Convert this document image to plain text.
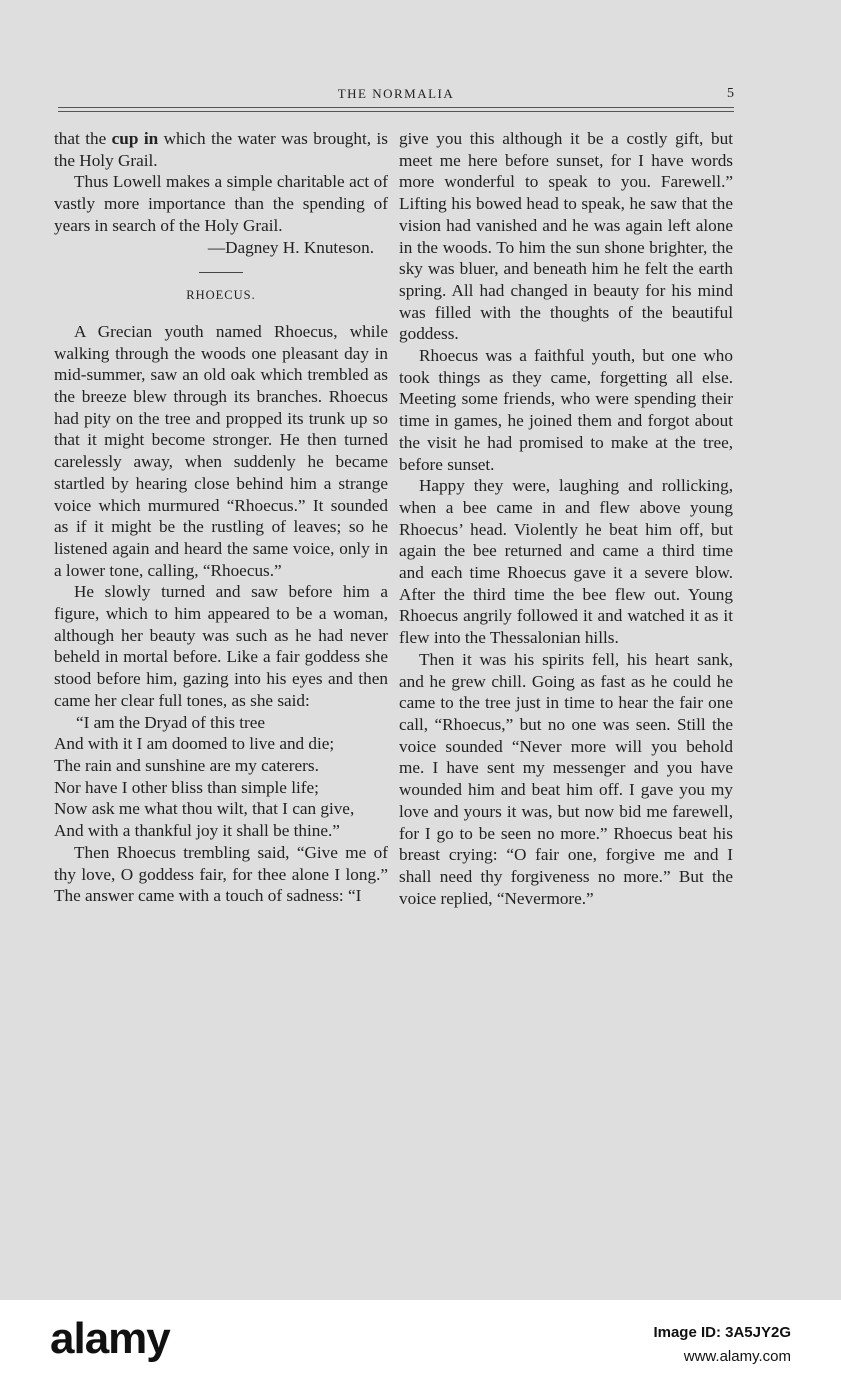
THE NORMALIA	5

that the cup in which the water was brought, is the Holy Grail.

Thus Lowell makes a simple charitable act of vastly more importance than the spending of years in search of the Holy Grail.

—Dagney H. Knuteson.

RHOECUS.

A Grecian youth named Rhoecus, while walking through the woods one pleasant day in mid-summer, saw an old oak which trembled as the breeze blew through its branches. Rhoecus had pity on the tree and propped its trunk up so that it might become stronger. He then turned carelessly away, when suddenly he became startled by hearing close behind him a strange voice which murmured “Rhoecus.” It sounded as if it might be the rustling of leaves; so he listened again and heard the same voice, only in a lower tone, calling, “Rhoecus.”

He slowly turned and saw before him a figure, which to him appeared to be a woman, although her beauty was such as he had never beheld in mortal before. Like a fair goddess she stood before him, gazing into his eyes and then came her clear full tones, as she said:

“I am the Dryad of this tree

And with it I am doomed to live and die;

The rain and sunshine are my caterers.

Nor have I other bliss than simple life;

Now ask me what thou wilt, that I can give,

And with a thankful joy it shall be thine.”

Then Rhoecus trembling said, “Give me of thy love, O goddess fair, for thee alone I long.” The answer came with a touch of sadness: “I

give you this although it be a costly gift, but meet me here before sunset, for I have words more wonderful to speak to you. Farewell.” Lifting his bowed head to speak, he saw that the vision had vanished and he was again left alone in the woods. To him the sun shone brighter, the sky was bluer, and beneath him he felt the earth spring. All had changed in beauty for his mind was filled with the thoughts of the beautiful goddess.

Rhoecus was a faithful youth, but one who took things as they came, forgetting all else. Meeting some friends, who were spending their time in games, he joined them and forgot about the visit he had promised to make at the tree, before sunset.

Happy they were, laughing and rollicking, when a bee came in and flew above young Rhoecus’ head. Violently he beat him off, but again the bee returned and came a third time and each time Rhoecus gave it a severe blow. After the third time the bee flew out. Young Rhoecus angrily followed it and watched it as it flew into the Thessalonian hills.

Then it was his spirits fell, his heart sank, and he grew chill. Going as fast as he could he came to the tree just in time to hear the fair one call, “Rhoecus,” but no one was seen. Still the voice sounded “Never more will you behold me. I have sent my messenger and you have wounded him and beat him off. I gave you my love and yours it was, but now bid me farewell, for I go to be seen no more.” Rhoecus beat his breast crying: “O fair one, forgive me and I shall need thy forgiveness no more.” But the voice replied, “Nevermore.”

alamy	Image ID: 3A5JY2G
www.alamy.com
